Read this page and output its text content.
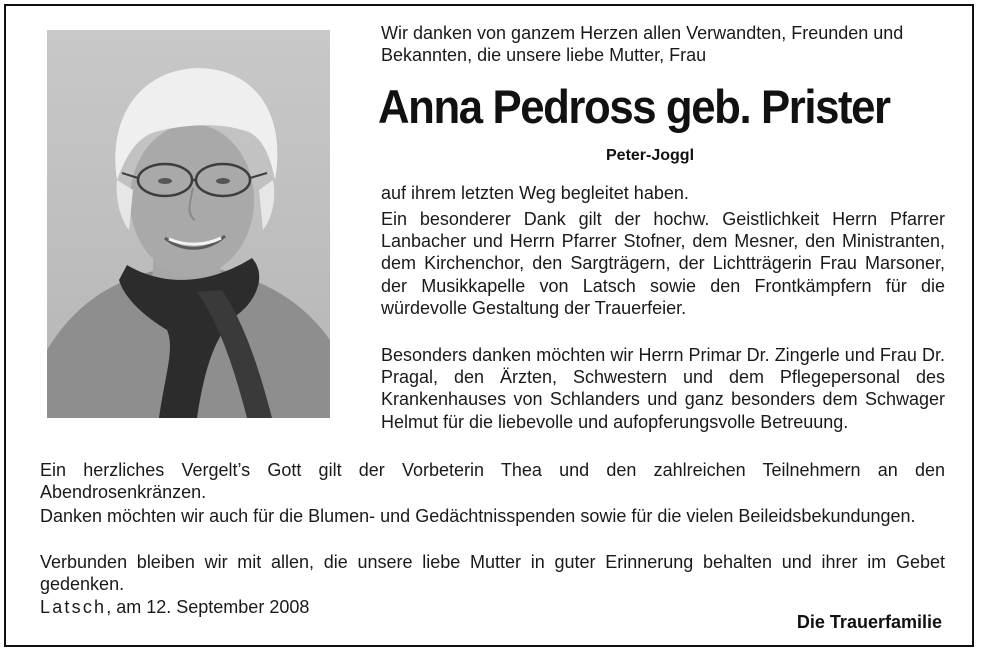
Wir danken von ganzem Herzen allen Verwandten, Freunden und Bekannten, die unsere liebe Mutter, Frau
Anna Pedross geb. Prister
Peter-Joggl
auf ihrem letzten Weg begleitet haben.
Ein besonderer Dank gilt der hochw. Geistlichkeit Herrn Pfarrer Lanbacher und Herrn Pfarrer Stofner, dem Mesner, den Ministranten, dem Kirchenchor, den Sargträgern, der Lichtträgerin Frau Marsoner, der Musikkapelle von Latsch sowie den Frontkämpfern für die würdevolle Gestaltung der Trauerfeier.
Besonders danken möchten wir Herrn Primar Dr. Zingerle und Frau Dr. Pragal, den Ärzten, Schwestern und dem Pflegepersonal des Krankenhauses von Schlanders und ganz besonders dem Schwager Helmut für die liebevolle und aufopferungsvolle Betreuung.
Ein herzliches Vergelt’s Gott gilt der Vorbeterin Thea und den zahlreichen Teilnehmern an den Abendrosenkränzen.
Danken möchten wir auch für die Blumen- und Gedächtnisspenden sowie für die vielen Beileidsbekundungen.
Verbunden bleiben wir mit allen, die unsere liebe Mutter in guter Erinnerung behalten und ihrer im Gebet gedenken.
Latsch, am 12. September 2008
Die Trauerfamilie
